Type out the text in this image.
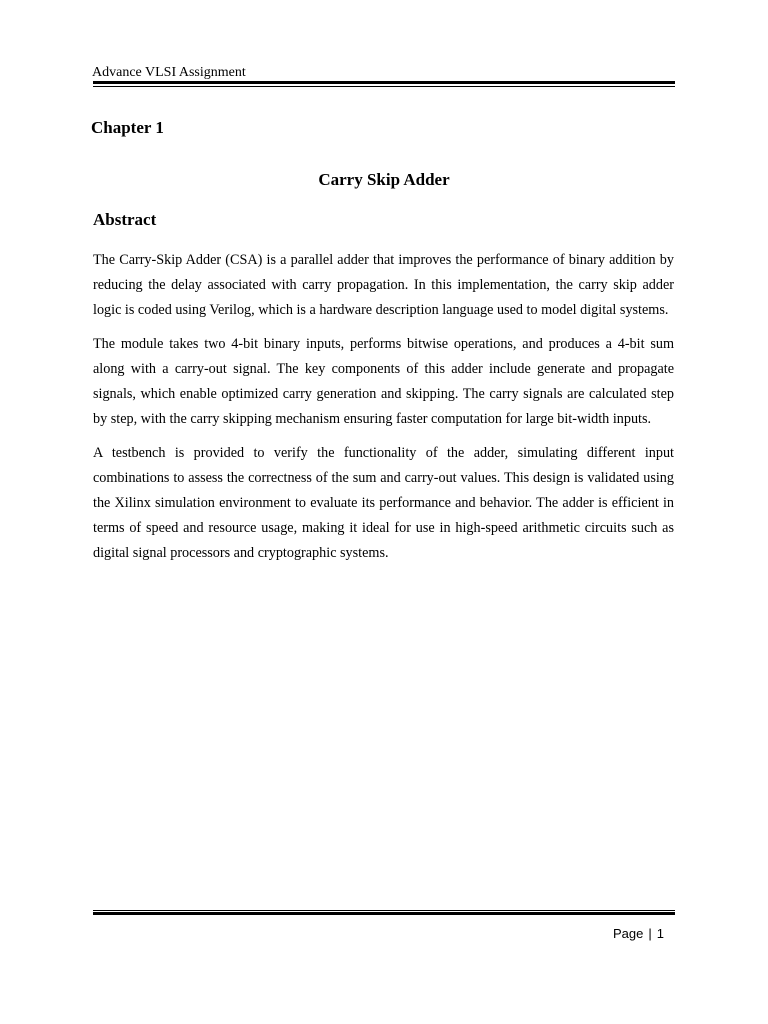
Advance VLSI Assignment
Chapter 1
Carry Skip Adder
Abstract

The Carry-Skip Adder (CSA) is a parallel adder that improves the performance of binary addition by reducing the delay associated with carry propagation. In this implementation, the carry skip adder logic is coded using Verilog, which is a hardware description language used to model digital systems.

The module takes two 4-bit binary inputs, performs bitwise operations, and produces a 4-bit sum along with a carry-out signal. The key components of this adder include generate and propagate signals, which enable optimized carry generation and skipping. The carry signals are calculated step by step, with the carry skipping mechanism ensuring faster computation for large bit-width inputs.

A testbench is provided to verify the functionality of the adder, simulating different input combinations to assess the correctness of the sum and carry-out values. This design is validated using the Xilinx simulation environment to evaluate its performance and behavior. The adder is efficient in terms of speed and resource usage, making it ideal for use in high-speed arithmetic circuits such as digital signal processors and cryptographic systems.

Page | 1
